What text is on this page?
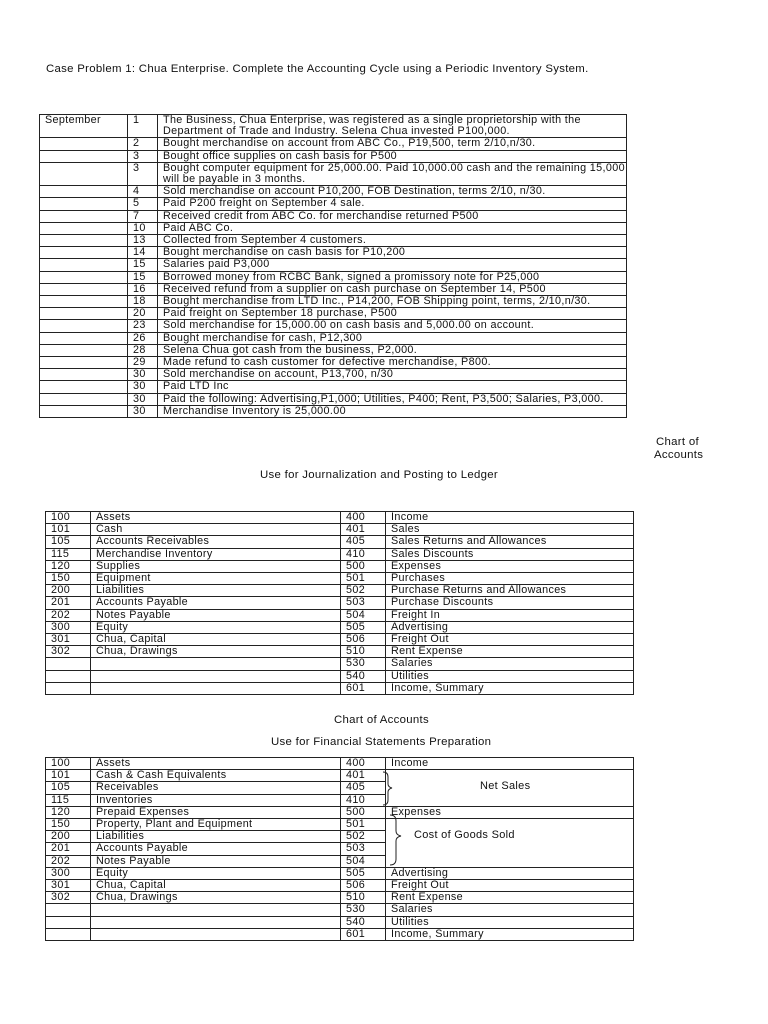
Case Problem 1: Chua Enterprise. Complete the Accounting Cycle using a Periodic Inventory System.
September	1	The Business, Chua Enterprise, was registered as a single proprietorship with the Department of Trade and Industry. Selena Chua invested P100,000.
	2	Bought merchandise on account from ABC Co., P19,500, term 2/10,n/30.
	3	Bought office supplies on cash basis for P500
	3	Bought computer equipment for 25,000.00. Paid 10,000.00 cash and the remaining 15,000 will be payable in 3 months.
	4	Sold merchandise on account P10,200, FOB Destination, terms 2/10, n/30.
	5	Paid P200 freight on September 4 sale.
	7	Received credit from ABC Co. for merchandise returned P500
	10	Paid ABC Co.
	13	Collected from September 4 customers.
	14	Bought merchandise on cash basis for P10,200
	15	Salaries paid P3,000
	15	Borrowed money from RCBC Bank, signed a promissory note for P25,000
	16	Received refund from a supplier on cash purchase on September 14, P500
	18	Bought merchandise from LTD Inc., P14,200, FOB Shipping point, terms, 2/10,n/30.
	20	Paid freight on September 18 purchase, P500
	23	Sold merchandise for 15,000.00 on cash basis and 5,000.00 on account.
	26	Bought merchandise for cash, P12,300
	28	Selena Chua got cash from the business, P2,000.
	29	Made refund to cash customer for defective merchandise, P800.
	30	Sold merchandise on account, P13,700, n/30
	30	Paid LTD Inc
	30	Paid the following: Advertising,P1,000; Utilities, P400; Rent, P3,500; Salaries, P3,000.
	30	Merchandise Inventory is 25,000.00
Chart of
Accounts
Use for Journalization and Posting to Ledger
100	Assets	400	Income
101	Cash	401	Sales
105	Accounts Receivables	405	Sales Returns and Allowances
115	Merchandise Inventory	410	Sales Discounts
120	Supplies	500	Expenses
150	Equipment	501	Purchases
200	Liabilities	502	Purchase Returns and Allowances
201	Accounts Payable	503	Purchase Discounts
202	Notes Payable	504	Freight In
300	Equity	505	Advertising
301	Chua, Capital	506	Freight Out
302	Chua, Drawings	510	Rent Expense
		530	Salaries
		540	Utilities
		601	Income, Summary
Chart of Accounts
Use for Financial Statements Preparation
100	Assets	400	Income
101	Cash & Cash Equivalents	401	
105	Receivables	405	
115	Inventories	410	
120	Prepaid Expenses	500	Expenses
150	Property, Plant and Equipment	501	
200	Liabilities	502	
201	Accounts Payable	503	
202	Notes Payable	504	
300	Equity	505	Advertising
301	Chua, Capital	506	Freight Out
302	Chua, Drawings	510	Rent Expense
		530	Salaries
		540	Utilities
		601	Income, Summary
Net Sales
Cost of Goods Sold
